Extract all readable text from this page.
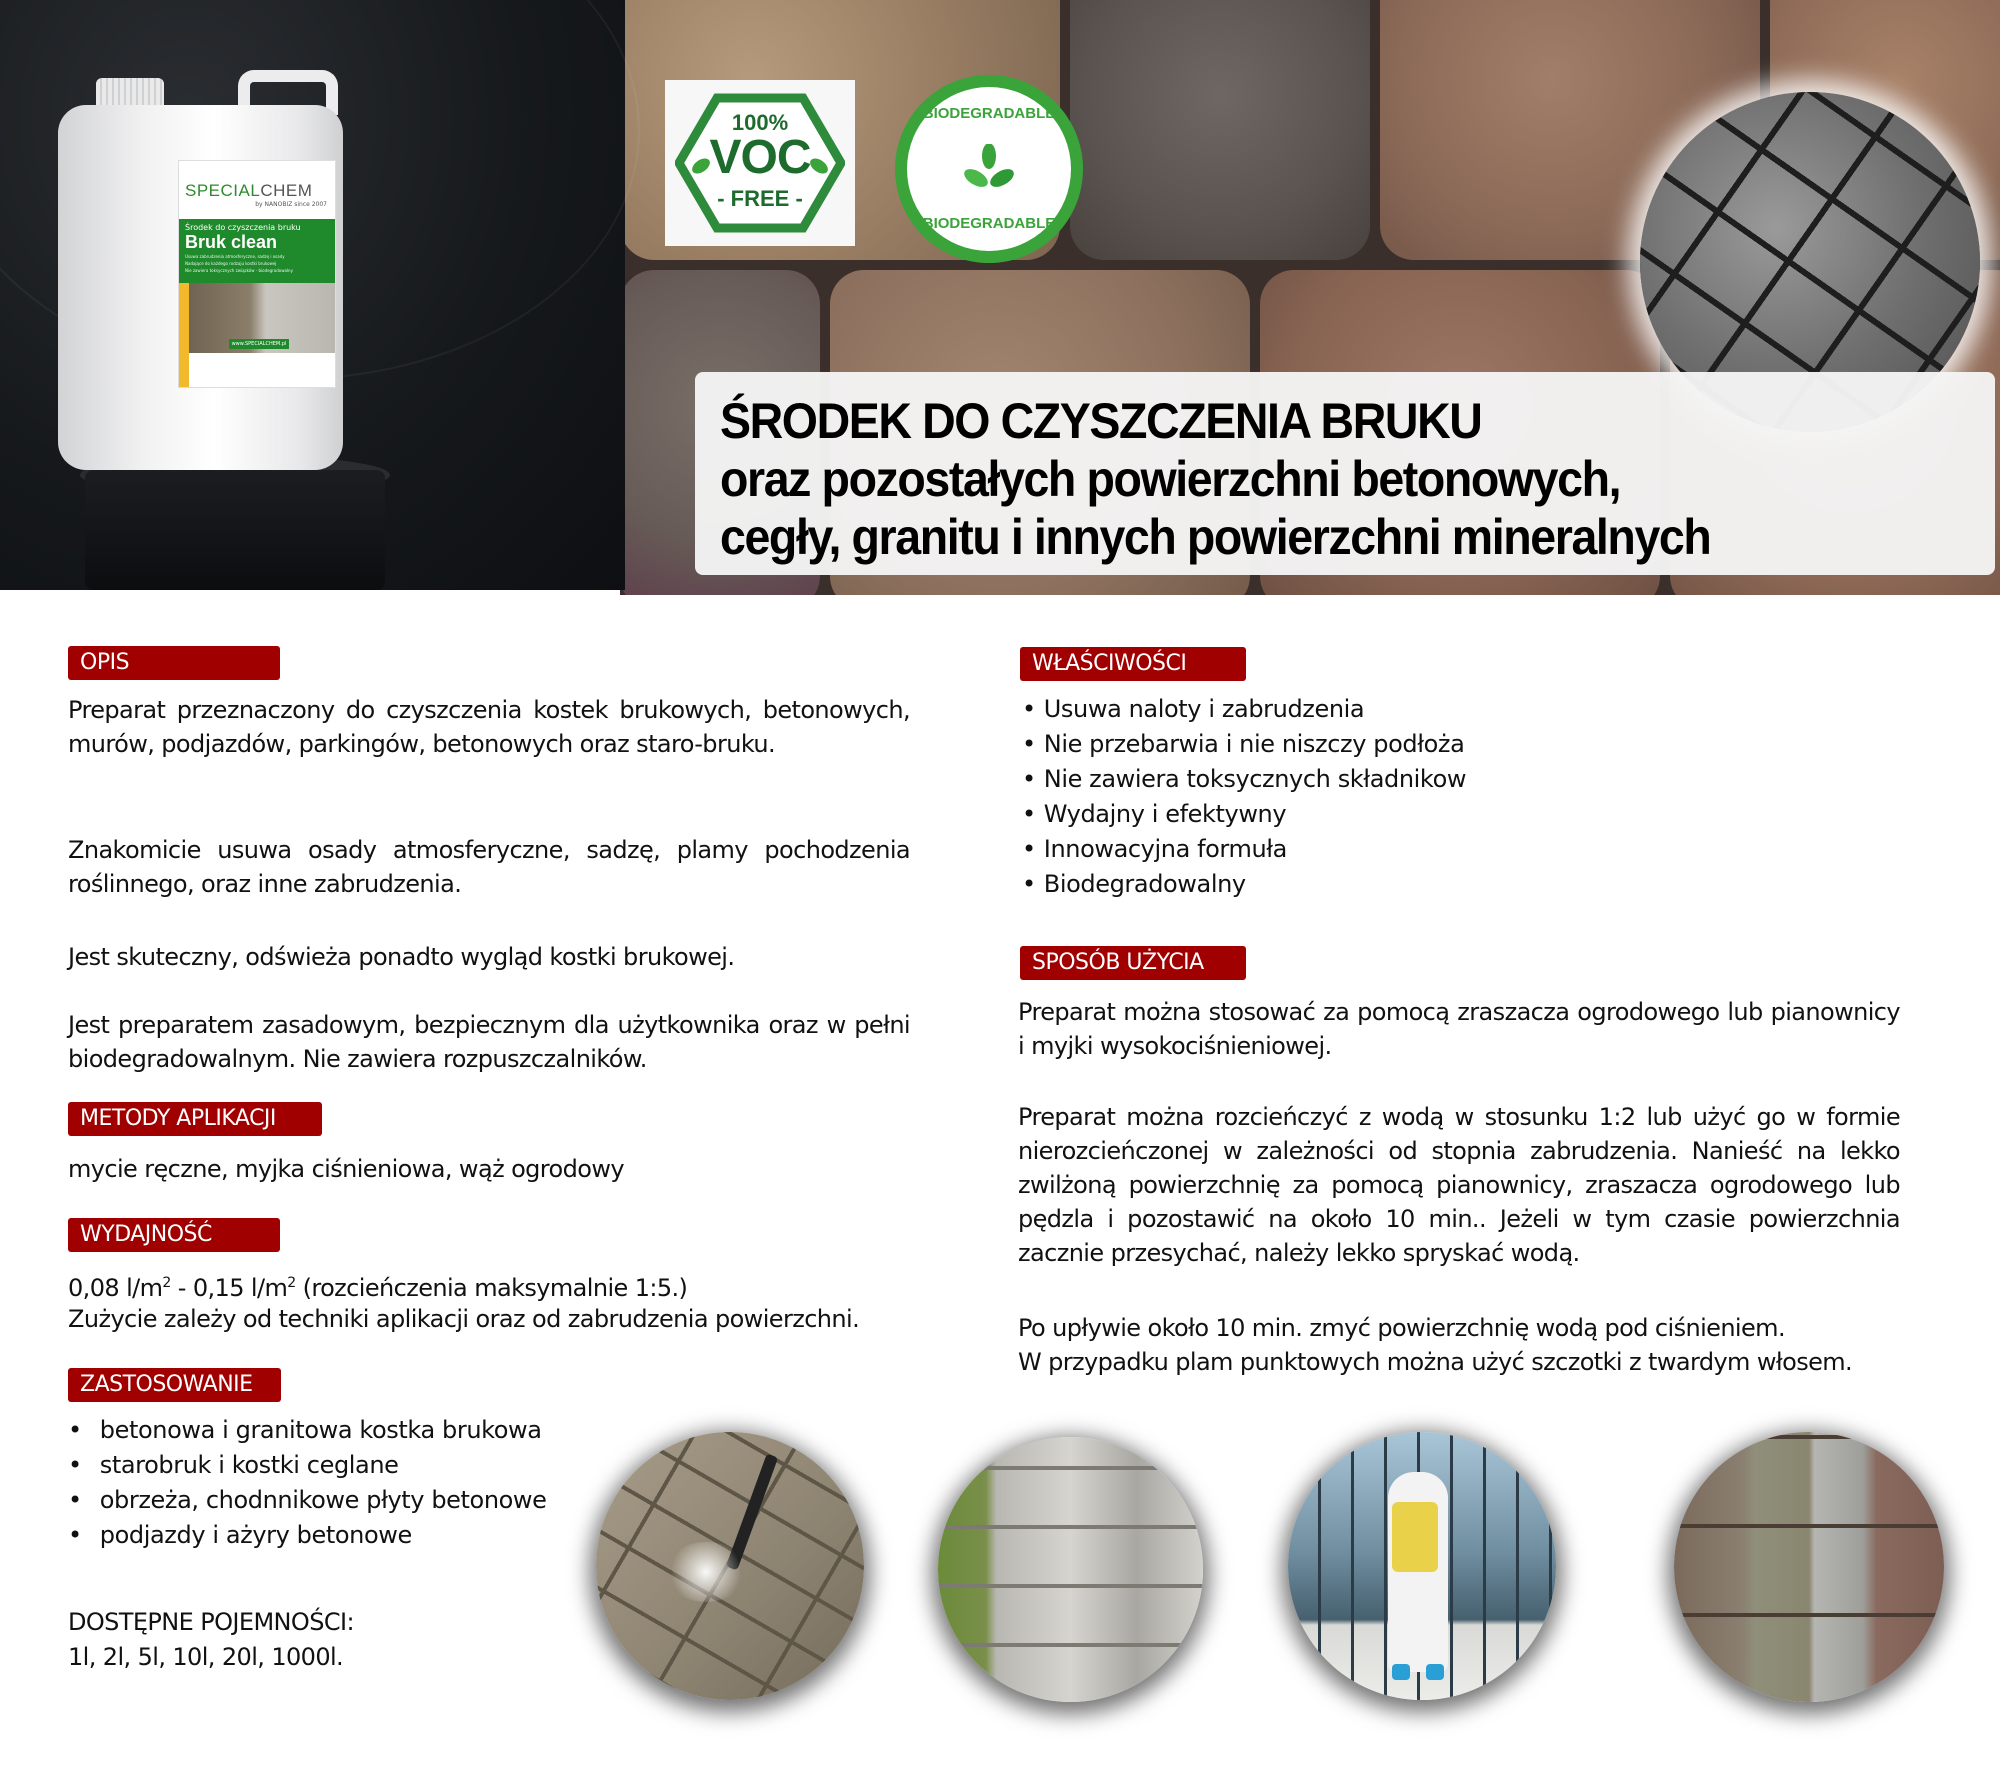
SPECIALCHEM
by NANOBIZ since 2007
Środek do czyszczenia bruku
Bruk clean
Usuwa zabrudzenia atmosferyczne, sadzę i osady
Nadające do każdego rodzaju kostki brukowej
Nie zawiera toksycznych związków - biodegradowalny
www.SPECIALCHEM.pl
100%
VOC
- FREE -
BIODEGRADABLE
BIODEGRADABLE
ŚRODEK DO CZYSZCZENIA BRUKU
oraz pozostałych powierzchni betonowych,
cegły, granitu i innych powierzchni mineralnych
OPIS
Preparat przeznaczony do czyszczenia kostek brukowych, betonowych, murów, podjazdów, parkingów, betonowych oraz staro-bruku.
Znakomicie usuwa osady atmosferyczne, sadzę, plamy pochodzenia roślinnego, oraz inne zabrudzenia.
Jest skuteczny, odświeża ponadto wygląd kostki brukowej.
Jest preparatem zasadowym, bezpiecznym dla użytkownika oraz w pełni biodegradowalnym. Nie zawiera rozpuszczalników.
METODY APLIKACJI
mycie ręczne, myjka ciśnieniowa, wąż ogrodowy
WYDAJNOŚĆ
0,08 $l/m^2 - 0,15$ $l/m^2$ (rozcieńczenia maksymalnie 1:5.)
Zużycie zależy od techniki aplikacji oraz od zabrudzenia powierzchni.
ZASTOSOWANIE
• betonowa i granitowa kostka brukowa
• starobruk i kostki ceglane
• obrzeża, chodnnikowe płyty betonowe
• podjazdy i ażyry betonowe
DOSTĘPNE POJEMNOŚCI:
1l, 2l, 5l, 10l, 20l, 1000l.
WŁAŚCIWOŚCI
• Usuwa naloty i zabrudzenia
• Nie przebarwia i nie niszczy podłoża
• Nie zawiera toksycznych składnikow
• Wydajny i efektywny
• Innowacyjna formuła
• Biodegradowalny
SPOSÓB UŻYCIA
Preparat można stosować za pomocą zraszacza ogrodowego lub pianownicy i myjki wysokociśnieniowej.
Preparat można rozcieńczyć z wodą w stosunku 1:2 lub użyć go w formie nierozcieńczonej w zależności od stopnia zabrudzenia. Nanieść na lekko zwilżoną powierzchnię za pomocą pianownicy, zraszacza ogrodowego lub pędzla i pozostawić na około 10 min.. Jeżeli w tym czasie powierzchnia zacznie przesychać, należy lekko spryskać wodą.
Po upływie około 10 min. zmyć powierzchnię wodą pod ciśnieniem.
W przypadku plam punktowych można użyć szczotki z twardym włosem.
